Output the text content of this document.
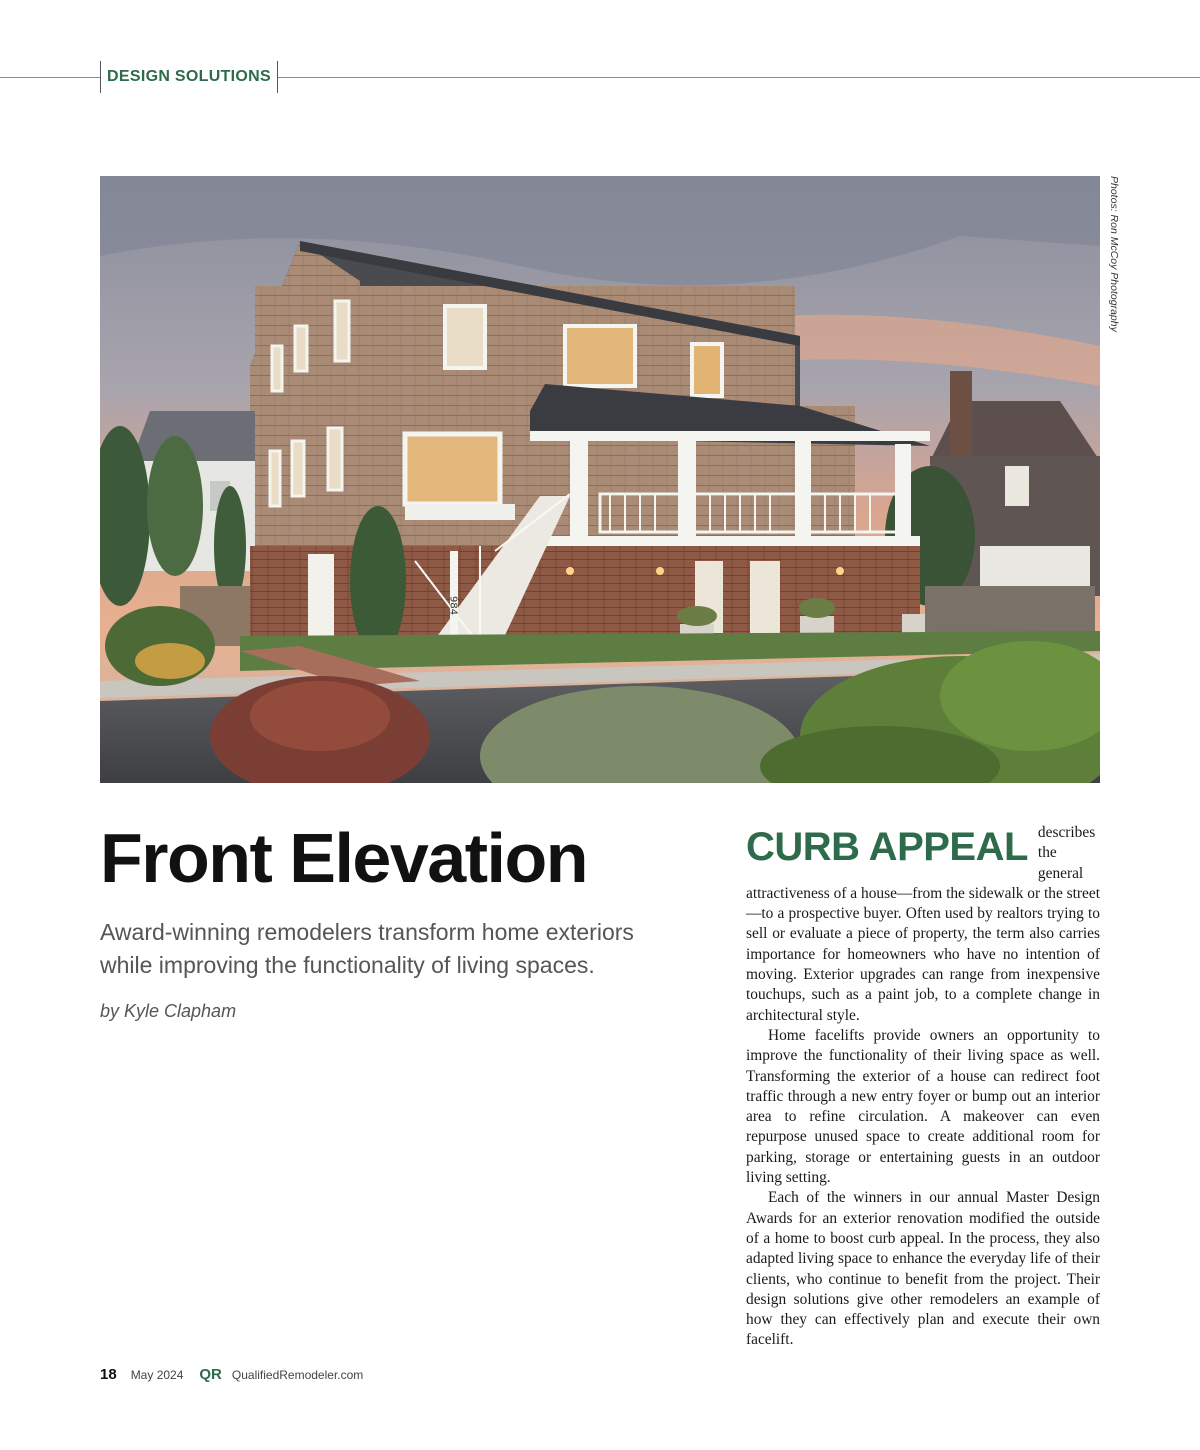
DESIGN SOLUTIONS
984
Photos: Ron McCoy Photography
Front Elevation

Award-winning remodelers transform home exteriors while improving the functionality of living spaces.

by Kyle Clapham

CURB APPEAL describes the general attractiveness of a house—from the sidewalk or the street—to a prospective buyer. Often used by realtors trying to sell or evaluate a piece of property, the term also carries importance for homeowners who have no intention of moving. Exterior upgrades can range from inexpensive touchups, such as a paint job, to a complete change in architectural style.

Home facelifts provide owners an opportunity to improve the functionality of their living space as well. Transforming the exterior of a house can redirect foot traffic through a new entry foyer or bump out an interior area to refine circulation. A makeover can even repurpose unused space to create additional room for parking, storage or entertaining guests in an outdoor living setting.

Each of the winners in our annual Master Design Awards for an exterior renovation modified the outside of a home to boost curb appeal. In the process, they also adapted living space to enhance the everyday life of their clients, who continue to benefit from the project. Their design solutions give other remodelers an example of how they can effectively plan and execute their own facelift.

18 May 2024 QR QualifiedRemodeler.com
